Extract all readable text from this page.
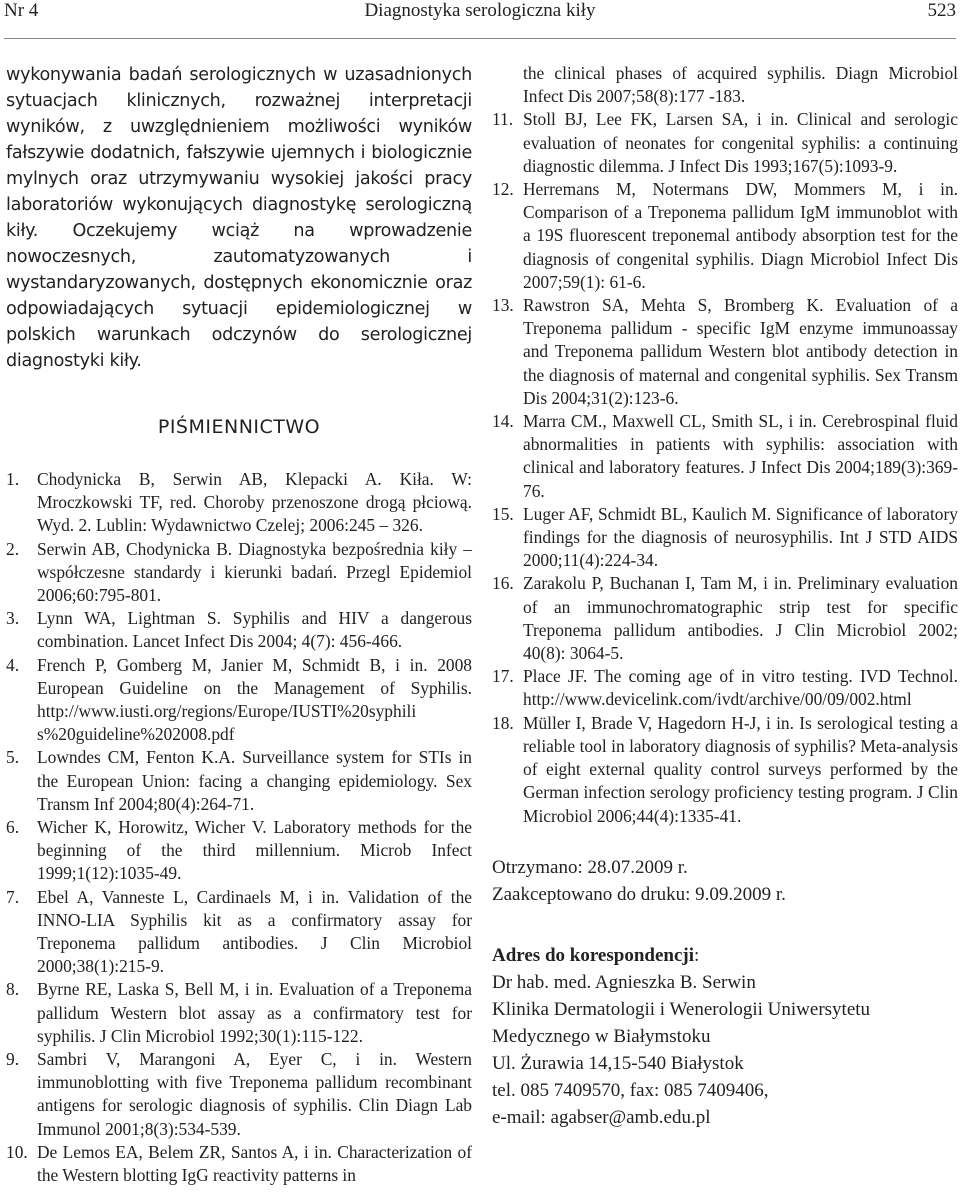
Nr 4	Diagnostyka serologiczna kiły	523

wykonywania badań serologicznych w uzasadnionych sytuacjach klinicznych, rozważnej interpretacji wyników, z uwzględnieniem możliwości wyników fałszywie dodatnich, fałszywie ujemnych i biologicznie mylnych oraz utrzymywaniu wysokiej jakości pracy laboratoriów wykonujących diagnostykę serologiczną kiły. Oczekujemy wciąż na wprowadzenie nowoczesnych, zautomatyzowanych i wystandaryzowanych, dostępnych ekonomicznie oraz odpowiadających sytuacji epidemiologicznej w polskich warunkach odczynów do serologicznej diagnostyki kiły.

PIŚMIENNICTWO
1. Chodynicka B, Serwin AB, Klepacki A. Kiła. W: Mroczkowski TF, red. Choroby przenoszone drogą płciową. Wyd. 2. Lublin: Wydawnictwo Czelej; 2006:245 – 326.
2. Serwin AB, Chodynicka B. Diagnostyka bezpośrednia kiły – współczesne standardy i kierunki badań. Przegl Epidemiol 2006;60:795-801.
3. Lynn WA, Lightman S. Syphilis and HIV a dangerous combination. Lancet Infect Dis 2004; 4(7): 456-466.
4. French P, Gomberg M, Janier M, Schmidt B, i in. 2008 European Guideline on the Management of Syphilis. http://www.iusti.org/regions/Europe/IUSTI%20syphili s%20guideline%202008.pdf
5. Lowndes CM, Fenton K.A. Surveillance system for STIs in the European Union: facing a changing epidemiology. Sex Transm Inf 2004;80(4):264-71.
6. Wicher K, Horowitz, Wicher V. Laboratory methods for the beginning of the third millennium. Microb Infect 1999;1(12):1035-49.
7. Ebel A, Vanneste L, Cardinaels M, i in. Validation of the INNO-LIA Syphilis kit as a confirmatory assay for Treponema pallidum antibodies. J Clin Microbiol 2000;38(1):215-9.
8. Byrne RE, Laska S, Bell M, i in. Evaluation of a Treponema pallidum Western blot assay as a confirmatory test for syphilis. J Clin Microbiol 1992;30(1):115-122.
9. Sambri V, Marangoni A, Eyer C, i in. Western immunoblotting with five Treponema pallidum recombinant antigens for serologic diagnosis of syphilis. Clin Diagn Lab Immunol 2001;8(3):534-539.
10. De Lemos EA, Belem ZR, Santos A, i in. Characterization of the Western blotting IgG reactivity patterns in

the clinical phases of acquired syphilis. Diagn Microbiol Infect Dis 2007;58(8):177 -183.

11. Stoll BJ, Lee FK, Larsen SA, i in. Clinical and serologic evaluation of neonates for congenital syphilis: a continuing diagnostic dilemma. J Infect Dis 1993;167(5):1093-9.
12. Herremans M, Notermans DW, Mommers M, i in. Comparison of a Treponema pallidum IgM immunoblot with a 19S fluorescent treponemal antibody absorption test for the diagnosis of congenital syphilis. Diagn Microbiol Infect Dis 2007;59(1): 61-6.
13. Rawstron SA, Mehta S, Bromberg K. Evaluation of a Treponema pallidum - specific IgM enzyme immunoassay and Treponema pallidum Western blot antibody detection in the diagnosis of maternal and congenital syphilis. Sex Transm Dis 2004;31(2):123-6.
14. Marra CM., Maxwell CL, Smith SL, i in. Cerebrospinal fluid abnormalities in patients with syphilis: association with clinical and laboratory features. J Infect Dis 2004;189(3):369-76.
15. Luger AF, Schmidt BL, Kaulich M. Significance of laboratory findings for the diagnosis of neurosyphilis. Int J STD AIDS 2000;11(4):224-34.
16. Zarakolu P, Buchanan I, Tam M, i in. Preliminary evaluation of an immunochromatographic strip test for specific Treponema pallidum antibodies. J Clin Microbiol 2002; 40(8): 3064-5.
17. Place JF. The coming age of in vitro testing. IVD Technol. http://www.devicelink.com/ivdt/archive/00/09/002.html
18. Müller I, Brade V, Hagedorn H-J, i in. Is serological testing a reliable tool in laboratory diagnosis of syphilis? Meta-analysis of eight external quality control surveys performed by the German infection serology proficiency testing program. J Clin Microbiol 2006;44(4):1335-41.
Otrzymano: 28.07.2009 r.
Zaakceptowano do druku: 9.09.2009 r.
Adres do korespondencji:
Dr hab. med. Agnieszka B. Serwin
Klinika Dermatologii i Wenerologii Uniwersytetu
Medycznego w Białymstoku
Ul. Żurawia 14,15-540 Białystok
tel. 085 7409570, fax: 085 7409406,
e-mail: agabser@amb.edu.pl
